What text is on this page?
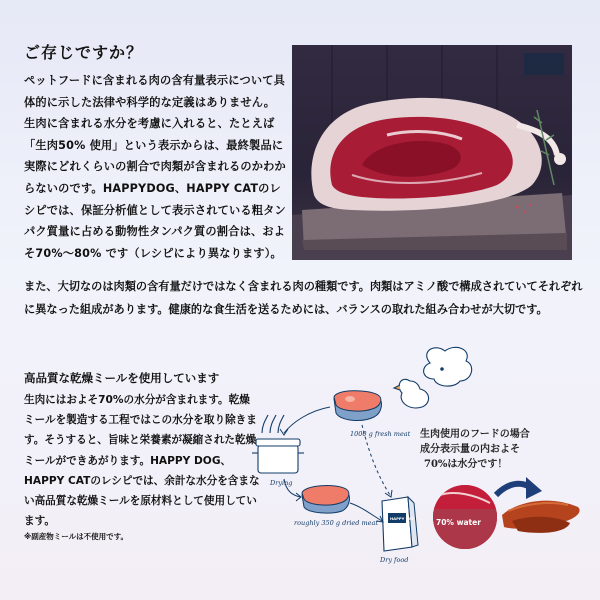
ご存じですか？
ペットフードに含まれる肉の含有量表示について具体的に示した法律や科学的な定義はありません。生肉に含まれる水分を考慮に入れると、たとえば「生肉50% 使用」という表示からは、最終製品に実際にどれくらいの割合で肉類が含まれるのかわからないのです。HAPPYDOG、HAPPY CATのレシピでは、保証分析値として表示されている粗タンパク質量に占める動物性タンパク質の割合は、およそ70%～80% です（レシピにより異なります）。
また、大切なのは肉類の含有量だけではなく含まれる肉の種類です。肉類はアミノ酸で構成されていてそれぞれに異なった組成があります。健康的な食生活を送るためには、バランスの取れた組み合わせが大切です。
高品質な乾燥ミールを使用しています
生肉にはおよそ70%の水分が含まれます。乾燥ミールを製造する工程ではこの水分を取り除きます。そうすると、旨味と栄養素が凝縮された乾燥ミールができあがります。HAPPY DOG、HAPPY CATのレシピでは、余計な水分を含まない高品質な乾燥ミールを原材料として使用しています。
※副産物ミールは不使用です。
1000 g fresh meat
Drying
roughly 350 g dried meat
HAPPY CAT
Dry food
生肉使用のフードの場合 成分表示量の内およそ 70%は水分です！
70% water
